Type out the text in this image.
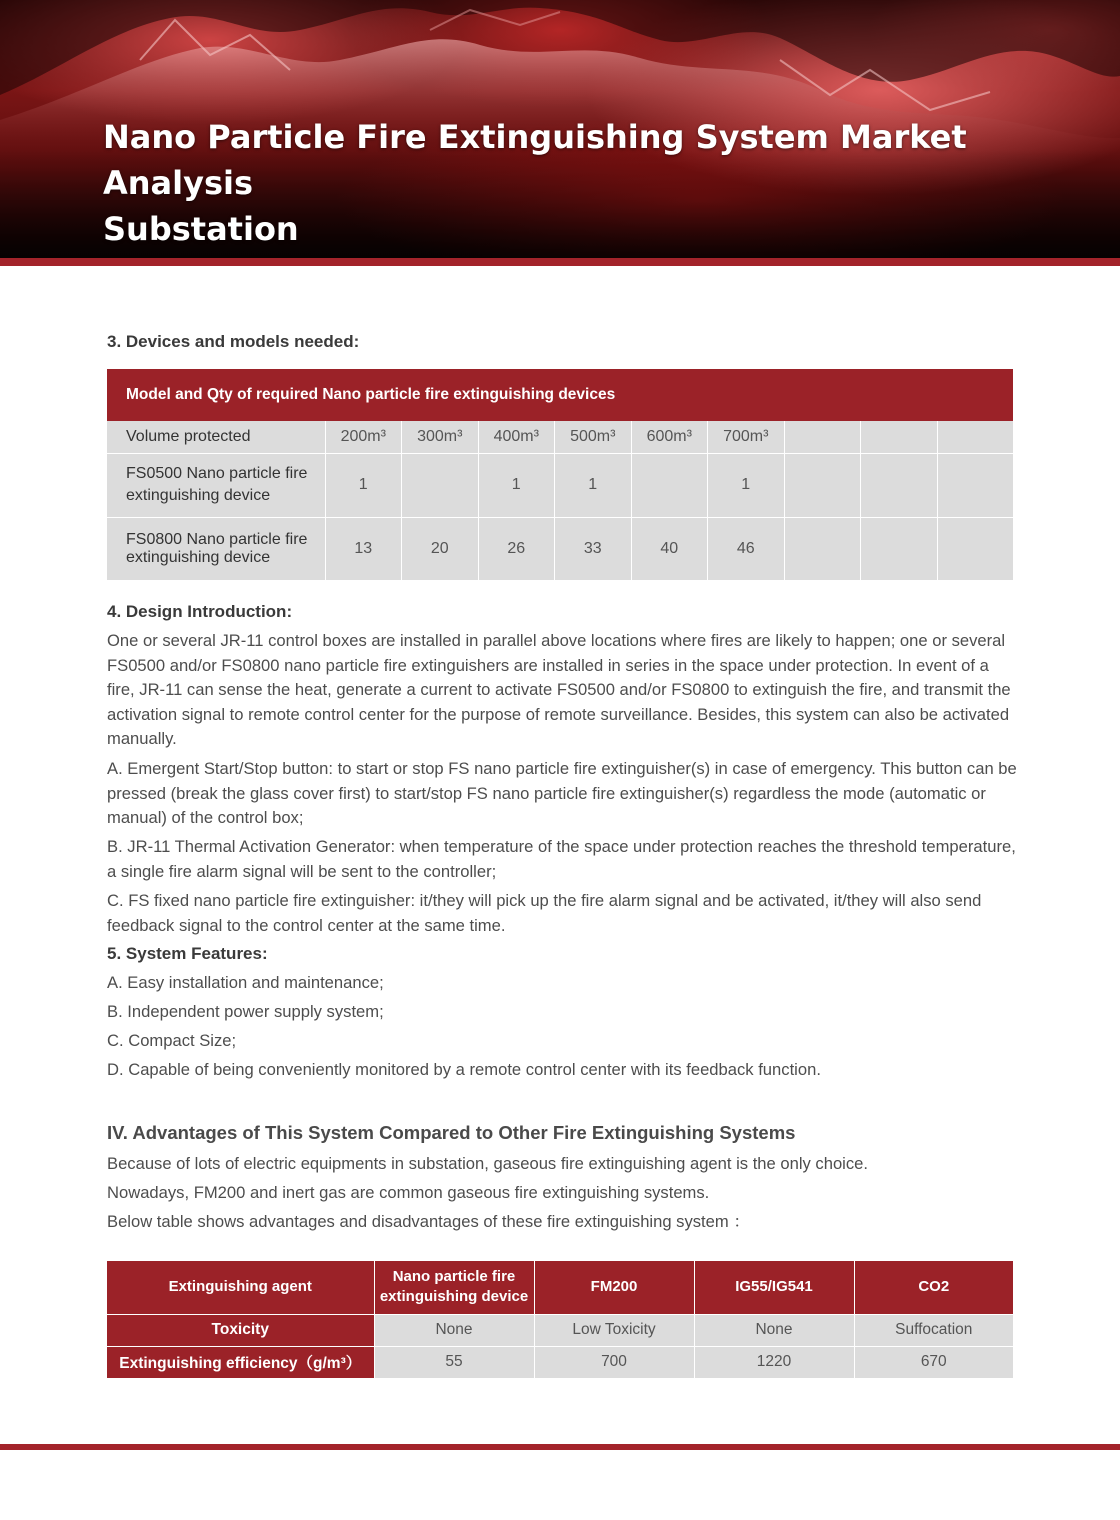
Nano Particle Fire Extinguishing System Market Analysis
Substation
3. Devices and models needed:
Model and Qty of required Nano particle fire extinguishing devices									
Volume protected	200m³	300m³	400m³	500m³	600m³	700m³			
FS0500 Nano particle fire extinguishing device	1		1	1		1			
FS0800 Nano particle fire extinguishing device	13	20	26	33	40	46			
4. Design Introduction:
One or several JR-11 control boxes are installed in parallel above locations where fires are likely to happen; one or several FS0500 and/or FS0800 nano particle fire extinguishers are installed in series in the space under protection. In event of a fire, JR-11 can sense the heat, generate a current to activate FS0500 and/or FS0800 to extinguish the fire, and transmit the activation signal to remote control center for the purpose of remote surveillance. Besides, this system can also be activated manually.
A. Emergent Start/Stop button: to start or stop FS nano particle fire extinguisher(s) in case of emergency. This button can be pressed (break the glass cover first) to start/stop FS nano particle fire extinguisher(s) regardless the mode (automatic or manual) of the control box;
B. JR-11 Thermal Activation Generator: when temperature of the space under protection reaches the threshold temperature, a single fire alarm signal will be sent to the controller;
C. FS fixed nano particle fire extinguisher: it/they will pick up the fire alarm signal and be activated, it/they will also send feedback signal to the control center at the same time.
5. System Features:
A. Easy installation and maintenance;
B. Independent power supply system;
C. Compact Size;
D. Capable of being conveniently monitored by a remote control center with its feedback function.
IV. Advantages of This System Compared to Other Fire Extinguishing Systems
Because of lots of electric equipments in substation, gaseous fire extinguishing agent is the only choice.
Nowadays, FM200 and inert gas are common gaseous fire extinguishing systems.
Below table shows advantages and disadvantages of these fire extinguishing system ：
Extinguishing agent	Nano particle fire extinguishing device	FM200	IG55/IG541	CO2
Toxicity	None	Low Toxicity	None	Suffocation
Extinguishing efficiency（g/m³）	55	700	1220	670
